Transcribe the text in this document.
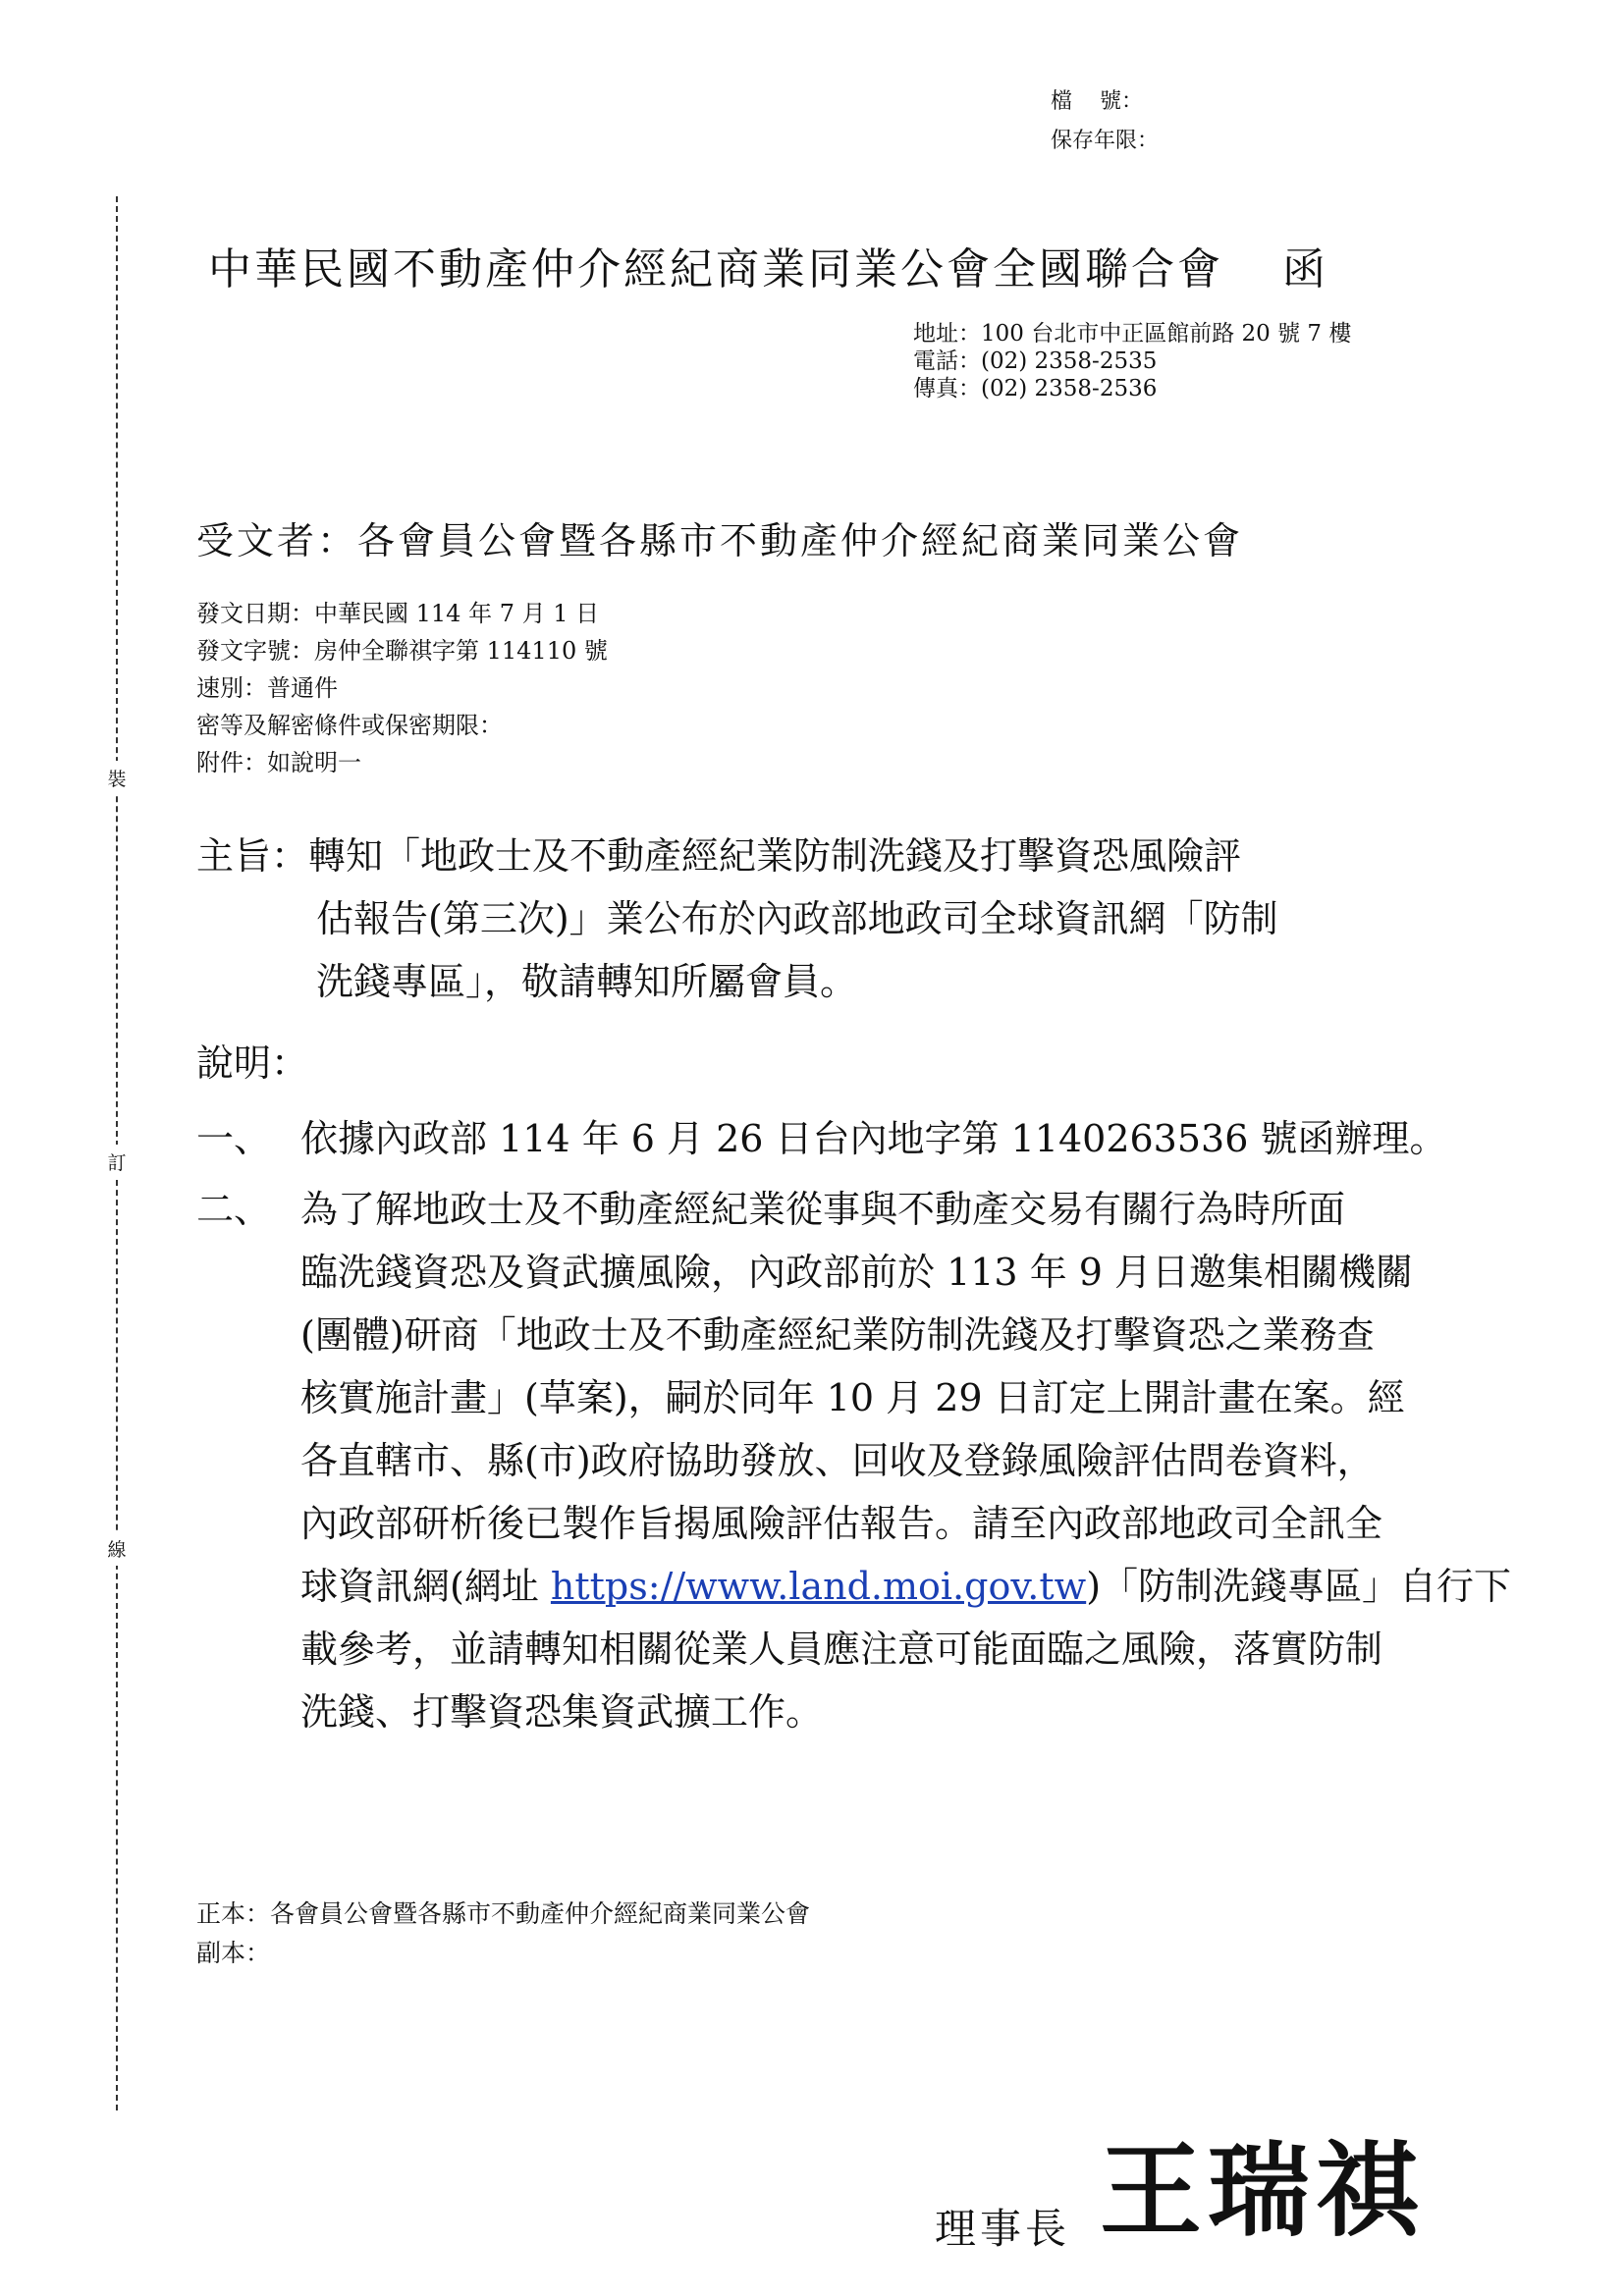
檔    號：
保存年限：
裝
訂
線
中華民國不動產仲介經紀商業同業公會全國聯合會 函
地址：100 台北市中正區館前路 20 號 7 樓
電話：(02) 2358-2535
傳真：(02) 2358-2536
受文者：各會員公會暨各縣市不動產仲介經紀商業同業公會
發文日期：中華民國 114 年 7 月 1 日
發文字號：房仲全聯祺字第 114110 號
速別：普通件
密等及解密條件或保密期限：
附件：如說明一
主旨：轉知「地政士及不動產經紀業防制洗錢及打擊資恐風險評
估報告(第三次)」業公布於內政部地政司全球資訊網「防制
洗錢專區」，敬請轉知所屬會員。
說明：
一、 依據內政部 114 年 6 月 26 日台內地字第 1140263536 號函辦理。
二、 為了解地政士及不動產經紀業從事與不動產交易有關行為時所面
臨洗錢資恐及資武擴風險，內政部前於 113 年 9 月日邀集相關機關
(團體)研商「地政士及不動產經紀業防制洗錢及打擊資恐之業務查
核實施計畫」(草案)，嗣於同年 10 月 29 日訂定上開計畫在案。經
各直轄市、縣(市)政府協助發放、回收及登錄風險評估問卷資料，
內政部研析後已製作旨揭風險評估報告。請至內政部地政司全訊全
球資訊網(網址 https://www.land.moi.gov.tw)「防制洗錢專區」自行下
載參考，並請轉知相關從業人員應注意可能面臨之風險，落實防制
洗錢、打擊資恐集資武擴工作。
正本：各會員公會暨各縣市不動產仲介經紀商業同業公會
副本：
理事長 王瑞祺
